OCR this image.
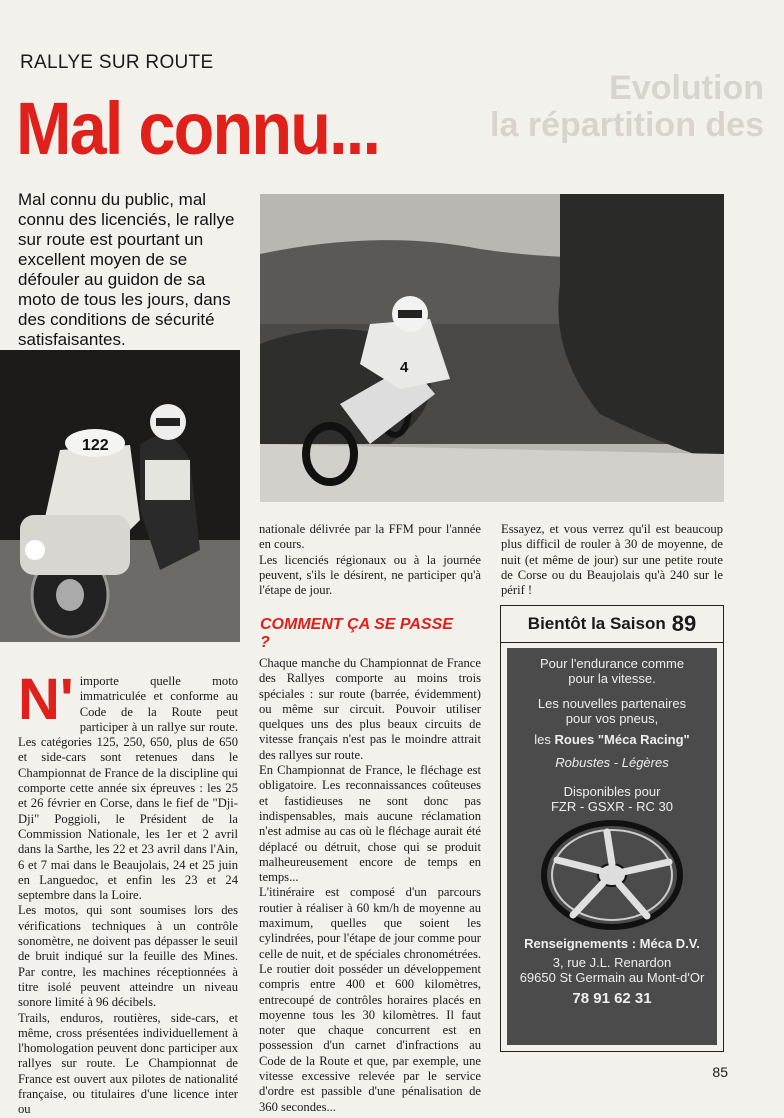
Evolution
la répartition des
RALLYE SUR ROUTE
Mal connu...
Mal connu du public, mal connu des licenciés, le rallye sur route est pourtant un excellent moyen de se défouler au guidon de sa moto de tous les jours, dans des conditions de sécurité satisfaisantes.
122
4
N' importe quelle moto immatriculée et conforme au Code de la Route peut participer à un rallye sur route. Les catégories 125, 250, 650, plus de 650 et side-cars sont retenues dans le Championnat de France de la discipline qui comporte cette année six épreuves : les 25 et 26 février en Corse, dans le fief de "Dji-Dji" Poggioli, le Président de la Commission Nationale, les 1er et 2 avril dans la Sarthe, les 22 et 23 avril dans l'Ain, 6 et 7 mai dans le Beaujolais, 24 et 25 juin en Languedoc, et enfin les 23 et 24 septembre dans la Loire.

Les motos, qui sont soumises lors des vérifications techniques à un contrôle sonomètre, ne doivent pas dépasser le seuil de bruit indiqué sur la feuille des Mines. Par contre, les machines réceptionnées à titre isolé peuvent atteindre un niveau sonore limité à 96 décibels.

Trails, enduros, routières, side-cars, et même, cross présentées individuellement à l'homologation peuvent donc participer aux rallyes sur route. Le Championnat de France est ouvert aux pilotes de nationalité française, ou titulaires d'une licence inter ou

nationale délivrée par la FFM pour l'année en cours.

Les licenciés régionaux ou à la journée peuvent, s'ils le désirent, ne participer qu'à l'étape de jour.

COMMENT ÇA SE PASSE ?

Chaque manche du Championnat de France des Rallyes comporte au moins trois spéciales : sur route (barrée, évidemment) ou même sur circuit. Pouvoir utiliser quelques uns des plus beaux circuits de vitesse français n'est pas le moindre attrait des rallyes sur route.

En Championnat de France, le fléchage est obligatoire. Les reconnaissances coûteuses et fastidieuses ne sont donc pas indispensables, mais aucune réclamation n'est admise au cas où le fléchage aurait été déplacé ou détruit, chose qui se produit malheureusement encore de temps en temps...

L'itinéraire est composé d'un parcours routier à réaliser à 60 km/h de moyenne au maximum, quelles que soient les cylindrées, pour l'étape de jour comme pour celle de nuit, et de spéciales chronométrées. Le routier doit posséder un développement compris entre 400 et 600 kilomètres, entrecoupé de contrôles horaires placés en moyenne tous les 30 kilomètres. Il faut noter que chaque concurrent est en possession d'un carnet d'infractions au Code de la Route et que, par exemple, une vitesse excessive relevée par le service d'ordre est passible d'une pénalisation de 360 secondes...

Essayez, et vous verrez qu'il est beaucoup plus difficil de rouler à 30 de moyenne, de nuit (et même de jour) sur une petite route de Corse ou du Beaujolais qu'à 240 sur le périf !

Bientôt la Saison 89
Pour l'endurance comme
pour la vitesse.
Les nouvelles partenaires
pour vos pneus,
les Roues "Méca Racing"
Robustes - Légères
Disponibles pour
FZR - GSXR - RC 30
Renseignements : Méca D.V.
3, rue J.L. Renardon
69650 St Germain au Mont-d'Or
78 91 62 31
85
